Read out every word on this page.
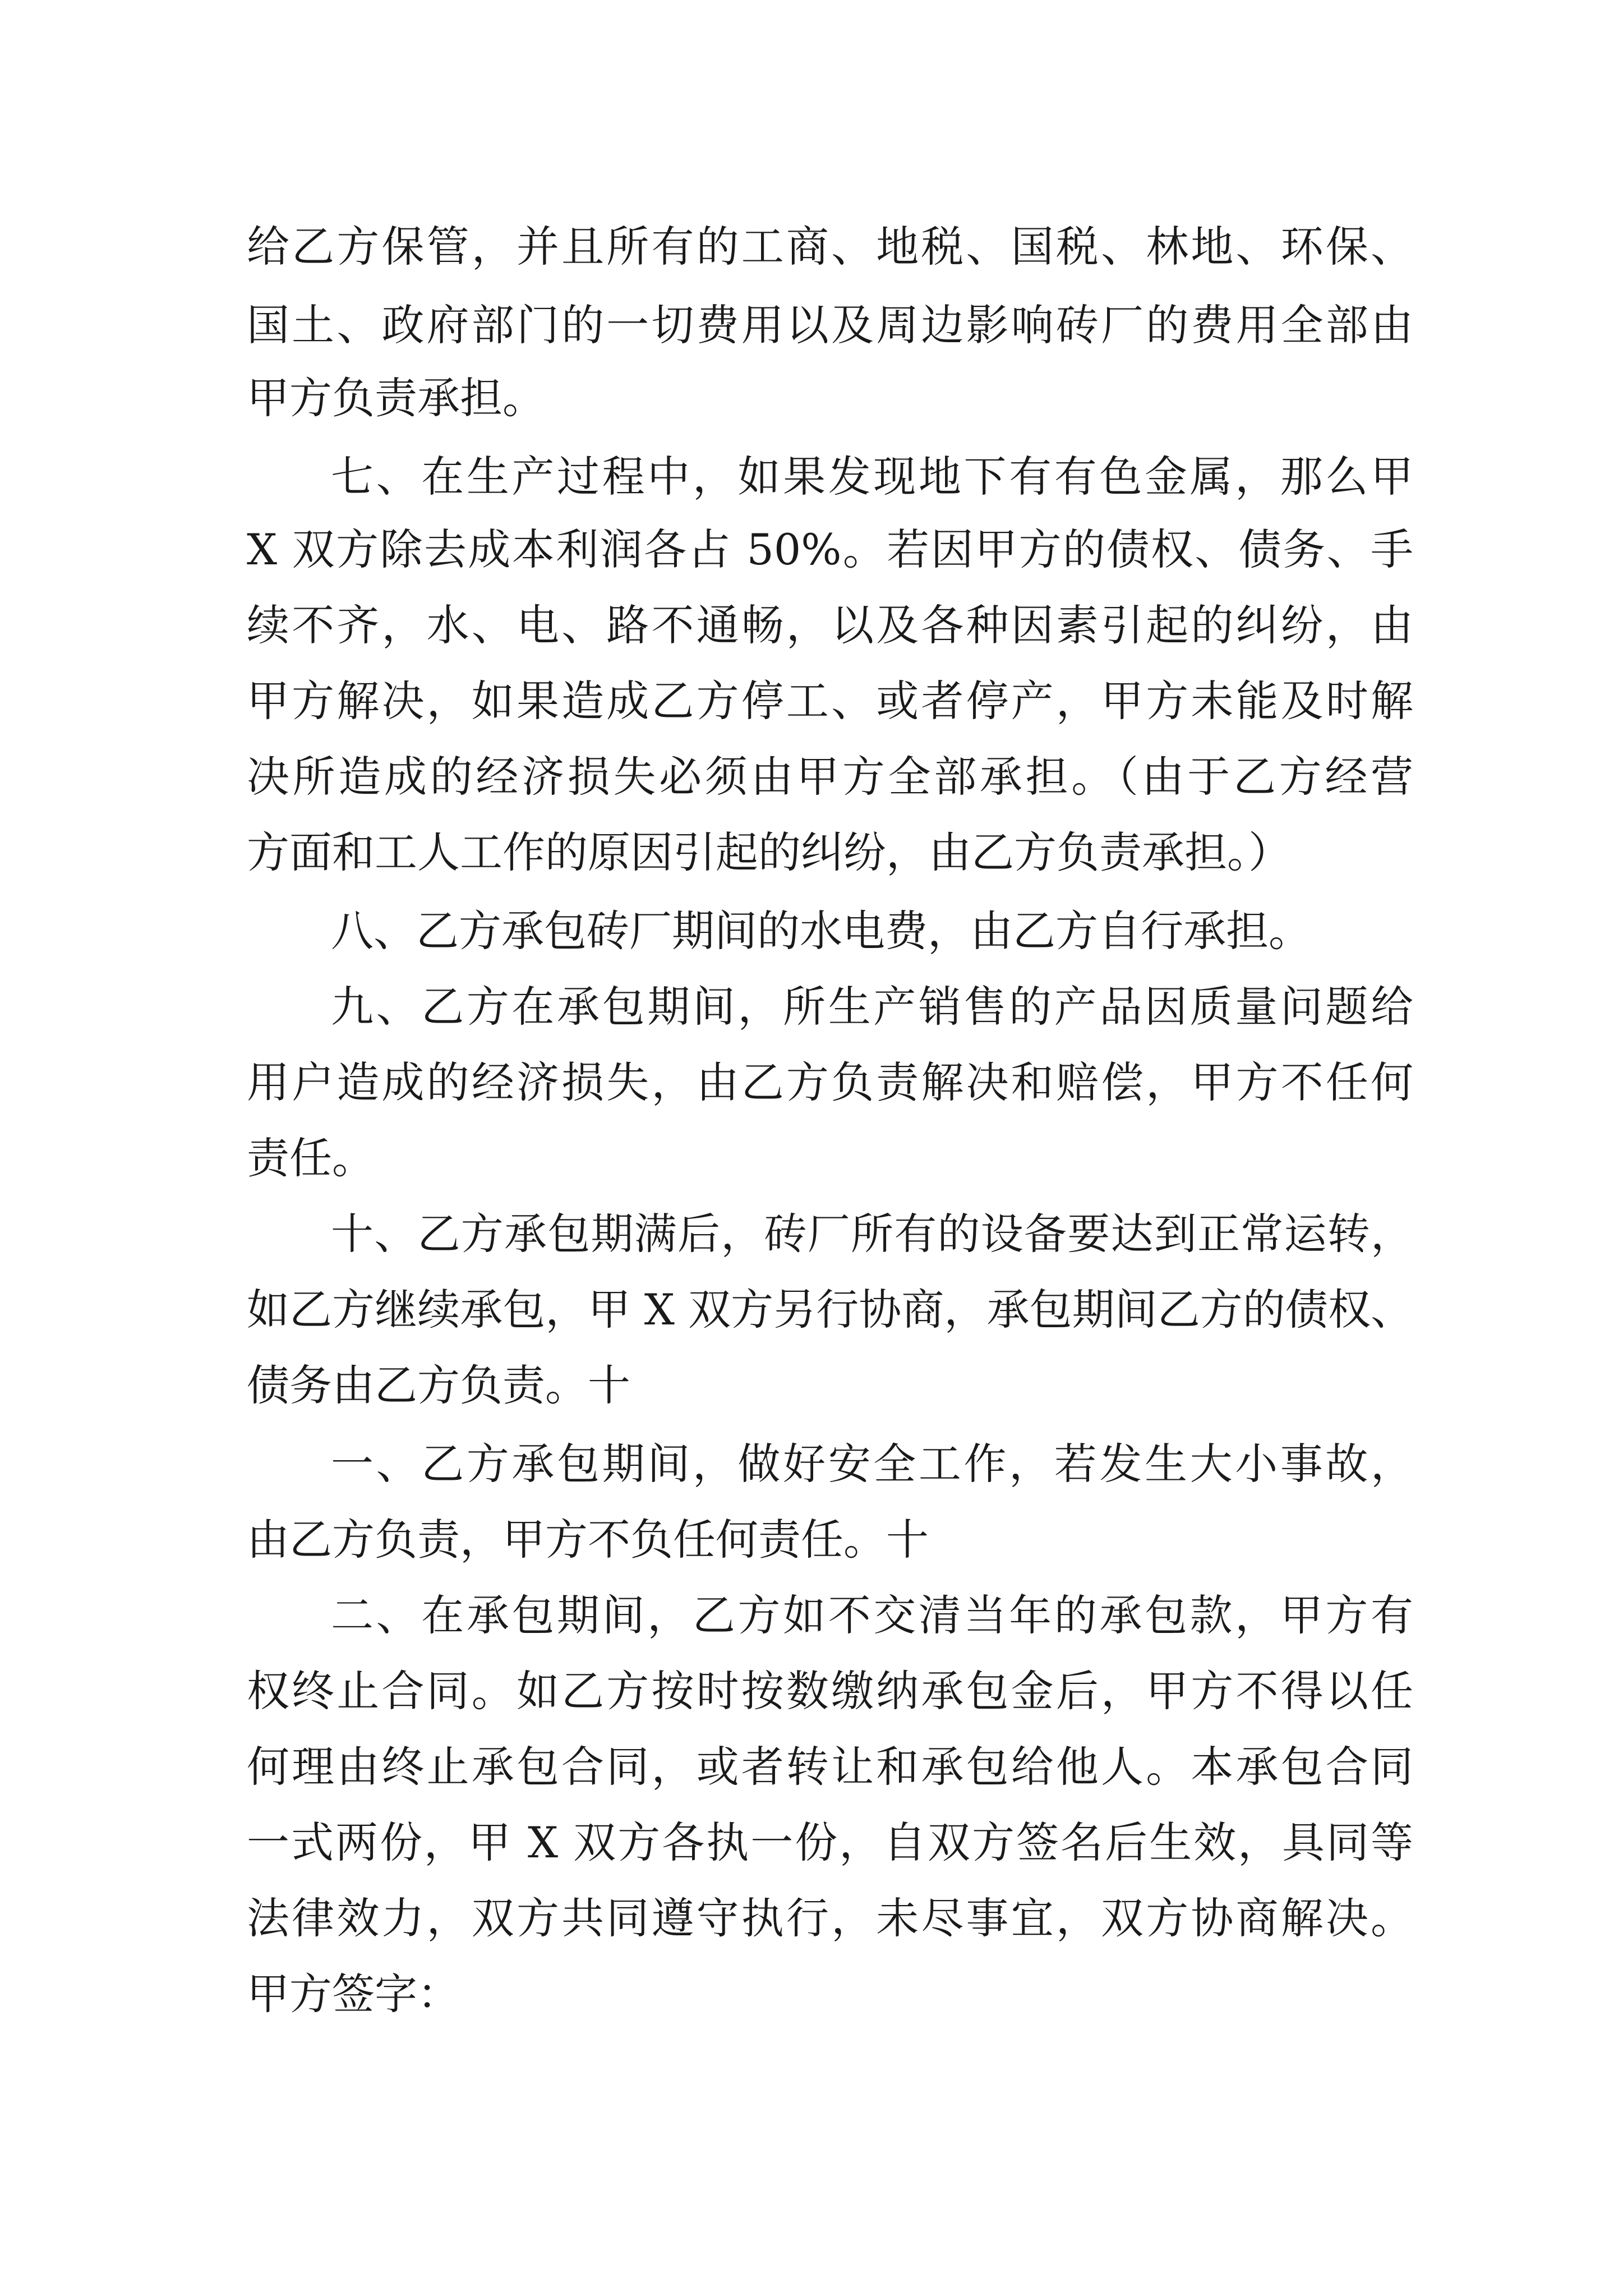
给乙方保管，并且所有的工商、地税、国税、林地、环保、
国土、政府部门的一切费用以及周边影响砖厂的费用全部由
甲方负责承担。
七、在生产过程中，如果发现地下有有色金属，那么甲
X 双方除去成本利润各占 50%。若因甲方的债权、债务、手
续不齐，水、电、路不通畅，以及各种因素引起的纠纷，由
甲方解决，如果造成乙方停工、或者停产，甲方未能及时解
决所造成的经济损失必须由甲方全部承担。（由于乙方经营
方面和工人工作的原因引起的纠纷，由乙方负责承担。）
八、乙方承包砖厂期间的水电费，由乙方自行承担。
九、乙方在承包期间，所生产销售的产品因质量问题给
用户造成的经济损失，由乙方负责解决和赔偿，甲方不任何
责任。
十、乙方承包期满后，砖厂所有的设备要达到正常运转，
如乙方继续承包，甲 X 双方另行协商，承包期间乙方的债权、
债务由乙方负责。十
一、乙方承包期间，做好安全工作，若发生大小事故，
由乙方负责，甲方不负任何责任。十
二、在承包期间，乙方如不交清当年的承包款，甲方有
权终止合同。如乙方按时按数缴纳承包金后，甲方不得以任
何理由终止承包合同，或者转让和承包给他人。本承包合同
一式两份，甲 X 双方各执一份，自双方签名后生效，具同等
法律效力，双方共同遵守执行，未尽事宜，双方协商解决。
甲方签字：
